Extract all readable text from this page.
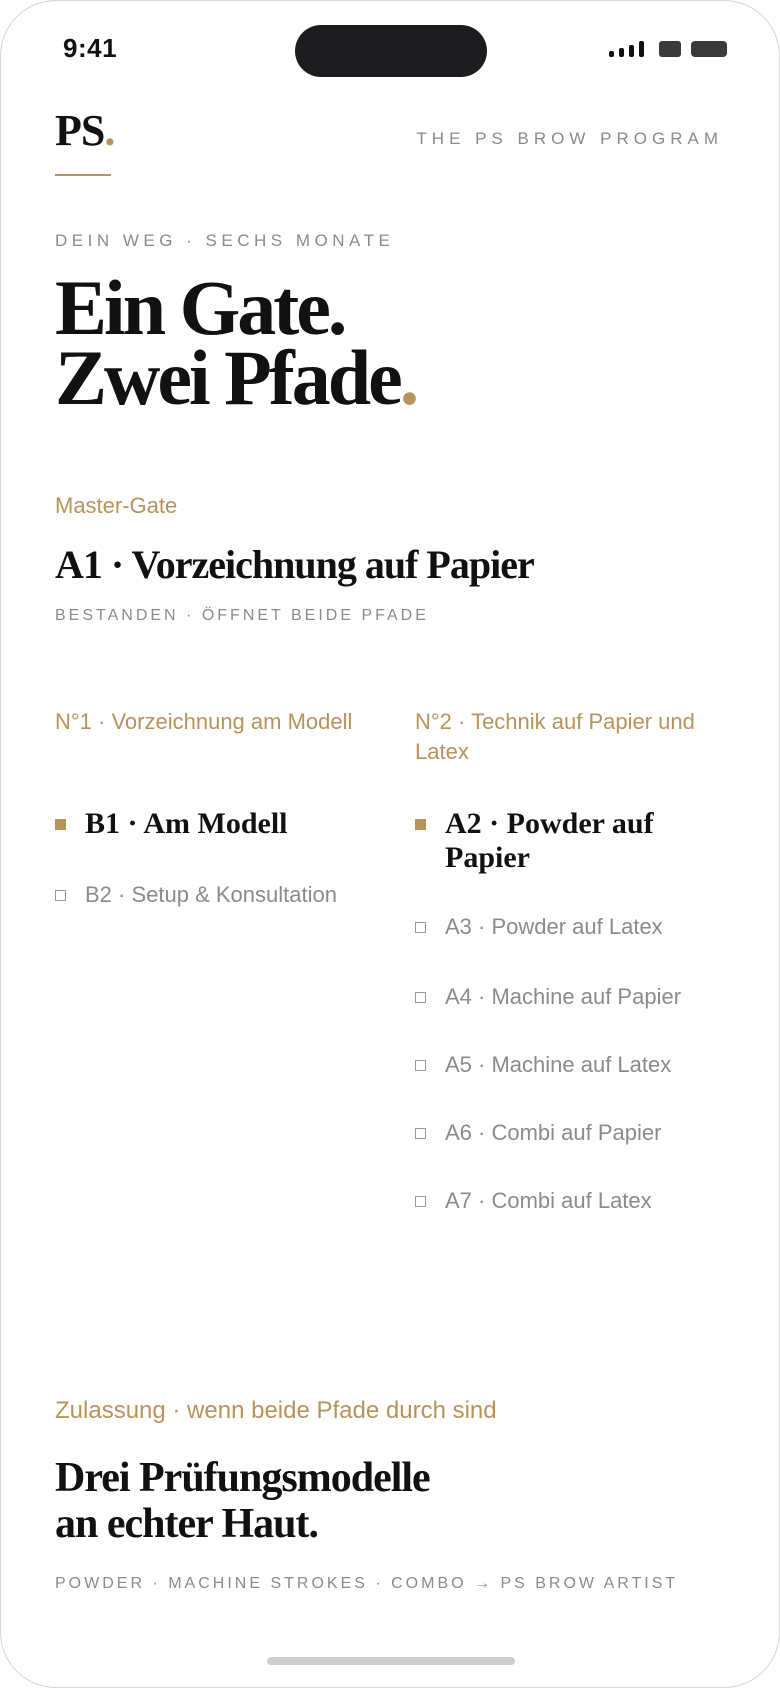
9:41
PS.	THE PS BROW PROGRAM
DEIN WEG · SECHS MONATE
Ein Gate.
Zwei Pfade.
Master-Gate
A1 · Vorzeichnung auf Papier
BESTANDEN · ÖFFNET BEIDE PFADE
N°1 · Vorzeichnung am Modell
B1 · Am Modell
B2 · Setup & Konsultation
N°2 · Technik auf Papier und Latex
A2 · Powder auf Papier
A3 · Powder auf Latex
A4 · Machine auf Papier
A5 · Machine auf Latex
A6 · Combi auf Papier
A7 · Combi auf Latex
Zulassung · wenn beide Pfade durch sind
Drei Prüfungsmodelle
an echter Haut.
POWDER · MACHINE STROKES · COMBO → PS BROW ARTIST
